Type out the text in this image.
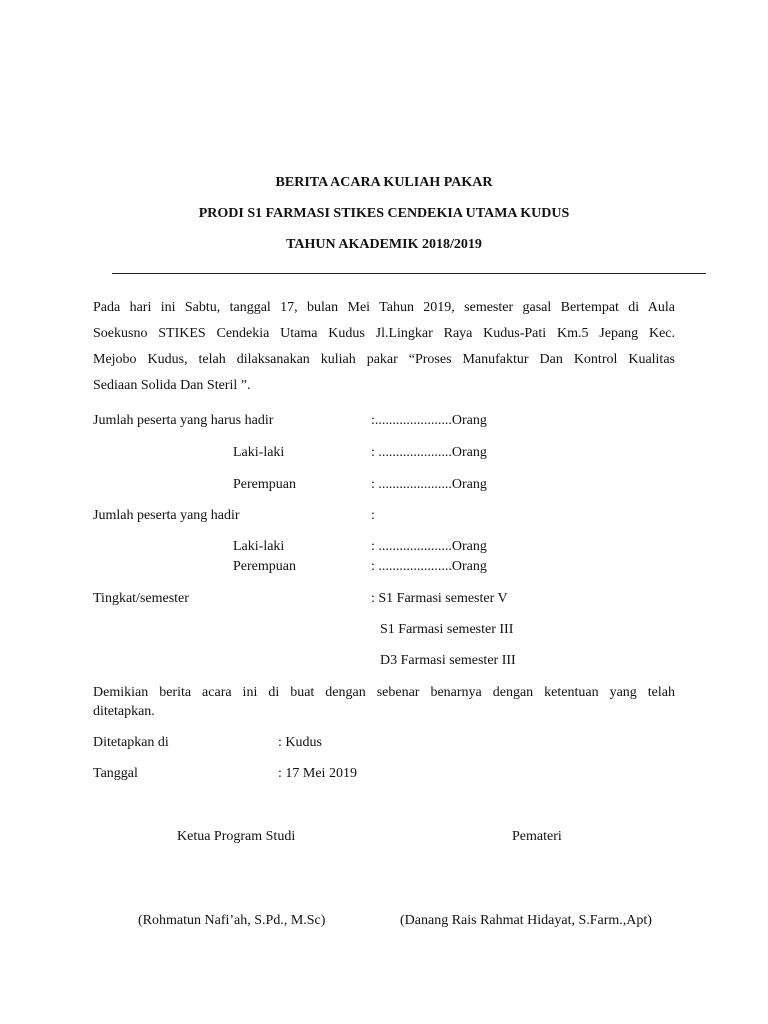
BERITA ACARA KULIAH PAKAR
PRODI S1 FARMASI STIKES CENDEKIA UTAMA KUDUS
TAHUN AKADEMIK 2018/2019
Pada hari ini Sabtu, tanggal 17, bulan Mei Tahun 2019, semester gasal Bertempat di Aula
Soekusno STIKES Cendekia Utama Kudus Jl.Lingkar Raya Kudus-Pati Km.5 Jepang Kec.
Mejobo Kudus, telah dilaksanakan kuliah pakar “Proses Manufaktur Dan Kontrol Kualitas
Sediaan Solida Dan Steril ”.
Jumlah peserta yang harus hadir	:......................Orang
Laki-laki	: .....................Orang
Perempuan	: .....................Orang
Jumlah peserta yang hadir	:
Laki-laki	: .....................Orang
Perempuan	: .....................Orang
Tingkat/semester	: S1 Farmasi semester V
S1 Farmasi semester III
D3 Farmasi semester III
Demikian berita acara ini di buat dengan sebenar benarnya dengan ketentuan yang telah
ditetapkan.
Ditetapkan di	: Kudus
Tanggal	: 17 Mei 2019
Ketua Program Studi	Pemateri
(Rohmatun Nafi’ah, S.Pd., M.Sc)	(Danang Rais Rahmat Hidayat, S.Farm.,Apt)
